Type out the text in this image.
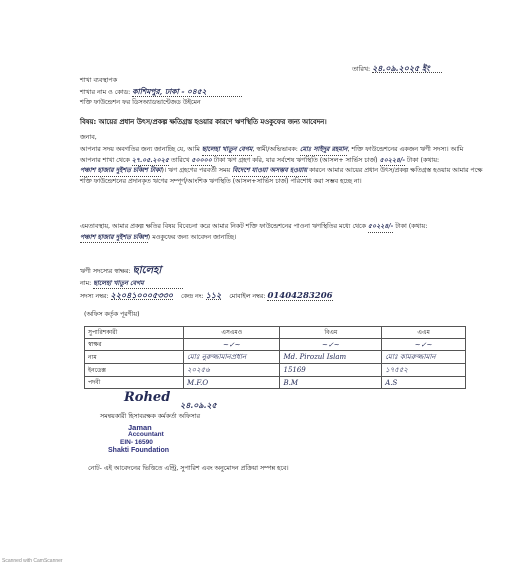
তারিখ: ২৪.০৯.২০২৫ ইং
শাখা ব্যবস্থাপক
শাখার নাম ও কোড: কাশিমপুর, ঢাকা - ০৪৫২
শক্তি ফাউন্ডেশন ফর ডিসঅ্যাডভান্টেজড উইমেন
বিষয়: আয়ের প্রধান উৎস/প্রকল্প ক্ষতিগ্রস্ত হওয়ার কারণে ঋণস্থিতি মওকুফের জন্য আবেদন।
জনাব,
আপনার সদয় অবগতির জন্য জানাচ্ছি যে, আমি ছালেহা খাতুন বেগম, স্বামী/অভিভাবক: মোঃ সাইদুর রহমান, শক্তি ফাউন্ডেশনের একজন ঋণী সদস্য। আমি আপনার শাখা থেকে ২৭.০৫.২০২৫ তারিখে ৫০০০০ টাকা ঋণ গ্রহণ করি, যার সর্বশেষ ঋণস্থিতি (আসল+ সার্ভিস চার্জ) ৫০২২৪/- টাকা (কথায়: পঞ্চাশ হাজার দুইশত চব্বিশ টাকা)। ঋণ গ্রহণের পরবর্তী সময় বিদেশে যাওয়া অসম্ভব হওয়ায় কারনে আমার আয়ের প্রধান উৎস/প্রকল্প ক্ষতিগ্রস্ত হওয়ায় আমার পক্ষে শক্তি ফাউন্ডেশনের প্রদানকৃত ঋণের সম্পূর্ণ/আংশিক ঋণস্থিতি (আসল+সার্ভিস চার্জ) পরিশোধ করা সম্ভব হচ্ছে না।
এমতাবস্থায়, আমার প্রকল্প ক্ষতির বিষয় বিবেচনা করে আমার নিকট শক্তি ফাউন্ডেশনের পাওনা ঋণস্থিতির মধ্যে থেকে ৫০২২৪/- টাকা (কথায়: পঞ্চাশ হাজার দুইশত চব্বিশ) মওকুফের জন্য আবেদন জানাচ্ছি।
ঋণী সদস্যের স্বাক্ষর: ছালেহা
নাম: ছালেহা খাতুন বেগম
সদস্য নম্বর: ২২০৪১০০০৫৩৩০ কেন্দ্র নং: ১১২ মোবাইল নম্বর: 01404283206
(অফিস কর্তৃক পূরণীয়)
সুপারিশকারী	এসএমও	বিএম	এএম
স্বাক্ষর	~✓~	~✓~	~✓~
নাম	মোঃ নুরুজ্জামানপ্রধান	Md. Pirozul Islam	মোঃ কামরুজ্জামান
ইনডেক্স	২০২৫৬	15169	১৭৫৫২
পদবী	M.F.O	B.M	A.S
Rohed ২৪.০৯.২৫
সমন্বয়কারী হিসাবরক্ষক কর্মকর্তা অফিসার
Jaman
Accountant
EIN- 16590
Shakti Foundation
নোট- এই আবেদনের ভিত্তিতে এন্ট্রি, সুপারিশ এবং অনুমোদন প্রক্রিয়া সম্পন্ন হবে।
Scanned with CamScanner
